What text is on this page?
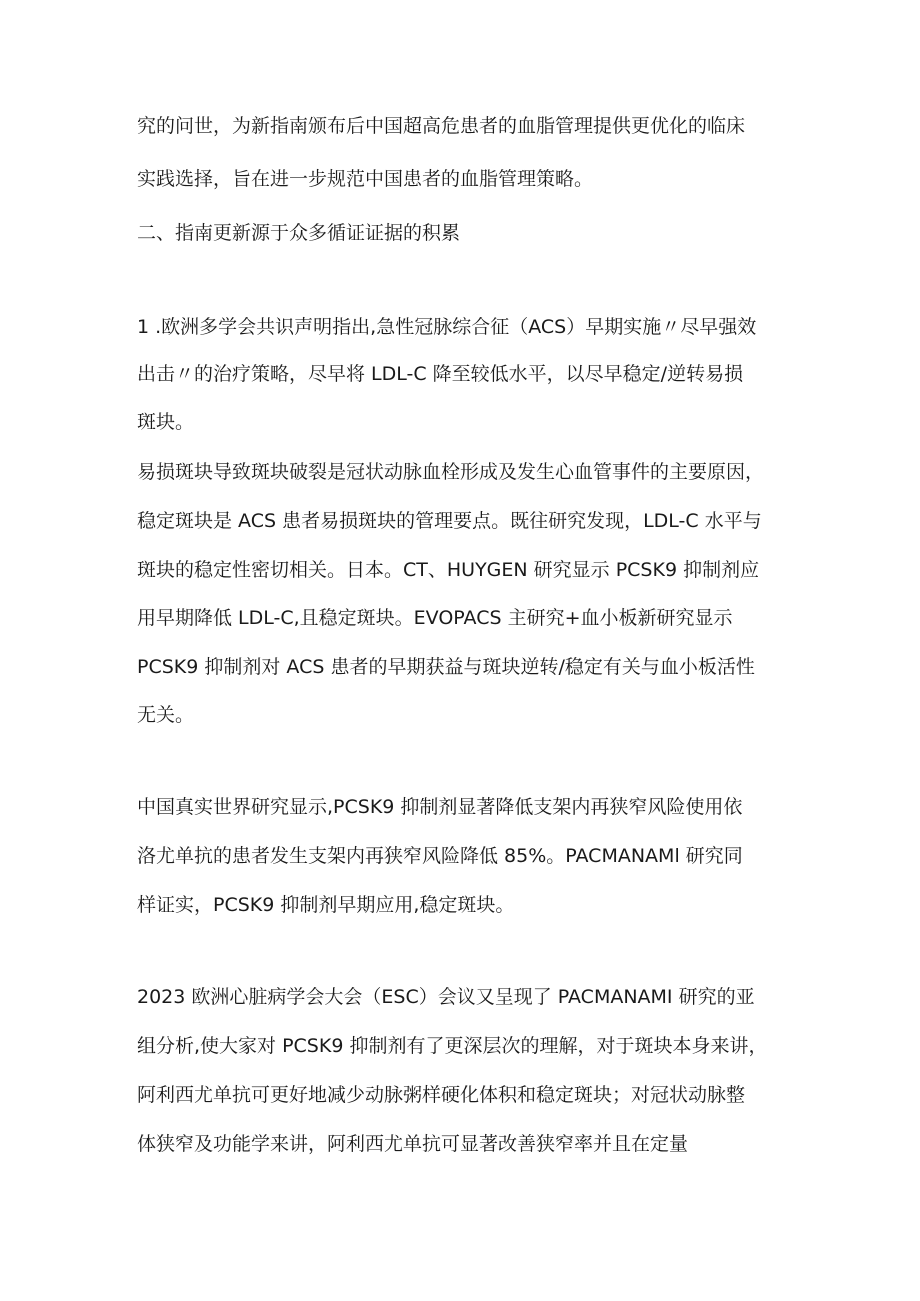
究的问世，为新指南颁布后中国超高危患者的血脂管理提供更优化的临床
实践选择，旨在进一步规范中国患者的血脂管理策略。
二、指南更新源于众多循证证据的积累
1 .欧洲多学会共识声明指出,急性冠脉综合征（ACS）早期实施〃尽早强效
出击〃的治疗策略，尽早将 LDL-C 降至较低水平，以尽早稳定/逆转易损
斑块。
易损斑块导致斑块破裂是冠状动脉血栓形成及发生心血管事件的主要原因，
稳定斑块是 ACS 患者易损斑块的管理要点。既往研究发现，LDL-C 水平与
斑块的稳定性密切相关。日本。CT、HUYGEN 研究显示 PCSK9 抑制剂应
用早期降低 LDL-C,且稳定斑块。EVOPACS 主研究+血小板新研究显示
PCSK9 抑制剂对 ACS 患者的早期获益与斑块逆转/稳定有关与血小板活性
无关。
中国真实世界研究显示,PCSK9 抑制剂显著降低支架内再狭窄风险使用依
洛尤单抗的患者发生支架内再狭窄风险降低 85%。PACMANAMl 研究同
样证实，PCSK9 抑制剂早期应用,稳定斑块。
2023 欧洲心脏病学会大会（ESC）会议又呈现了 PACMANAMI 研究的亚
组分析,使大家对 PCSK9 抑制剂有了更深层次的理解，对于斑块本身来讲，
阿利西尤单抗可更好地减少动脉粥样硬化体积和稳定斑块；对冠状动脉整
体狭窄及功能学来讲，阿利西尤单抗可显著改善狭窄率并且在定量
